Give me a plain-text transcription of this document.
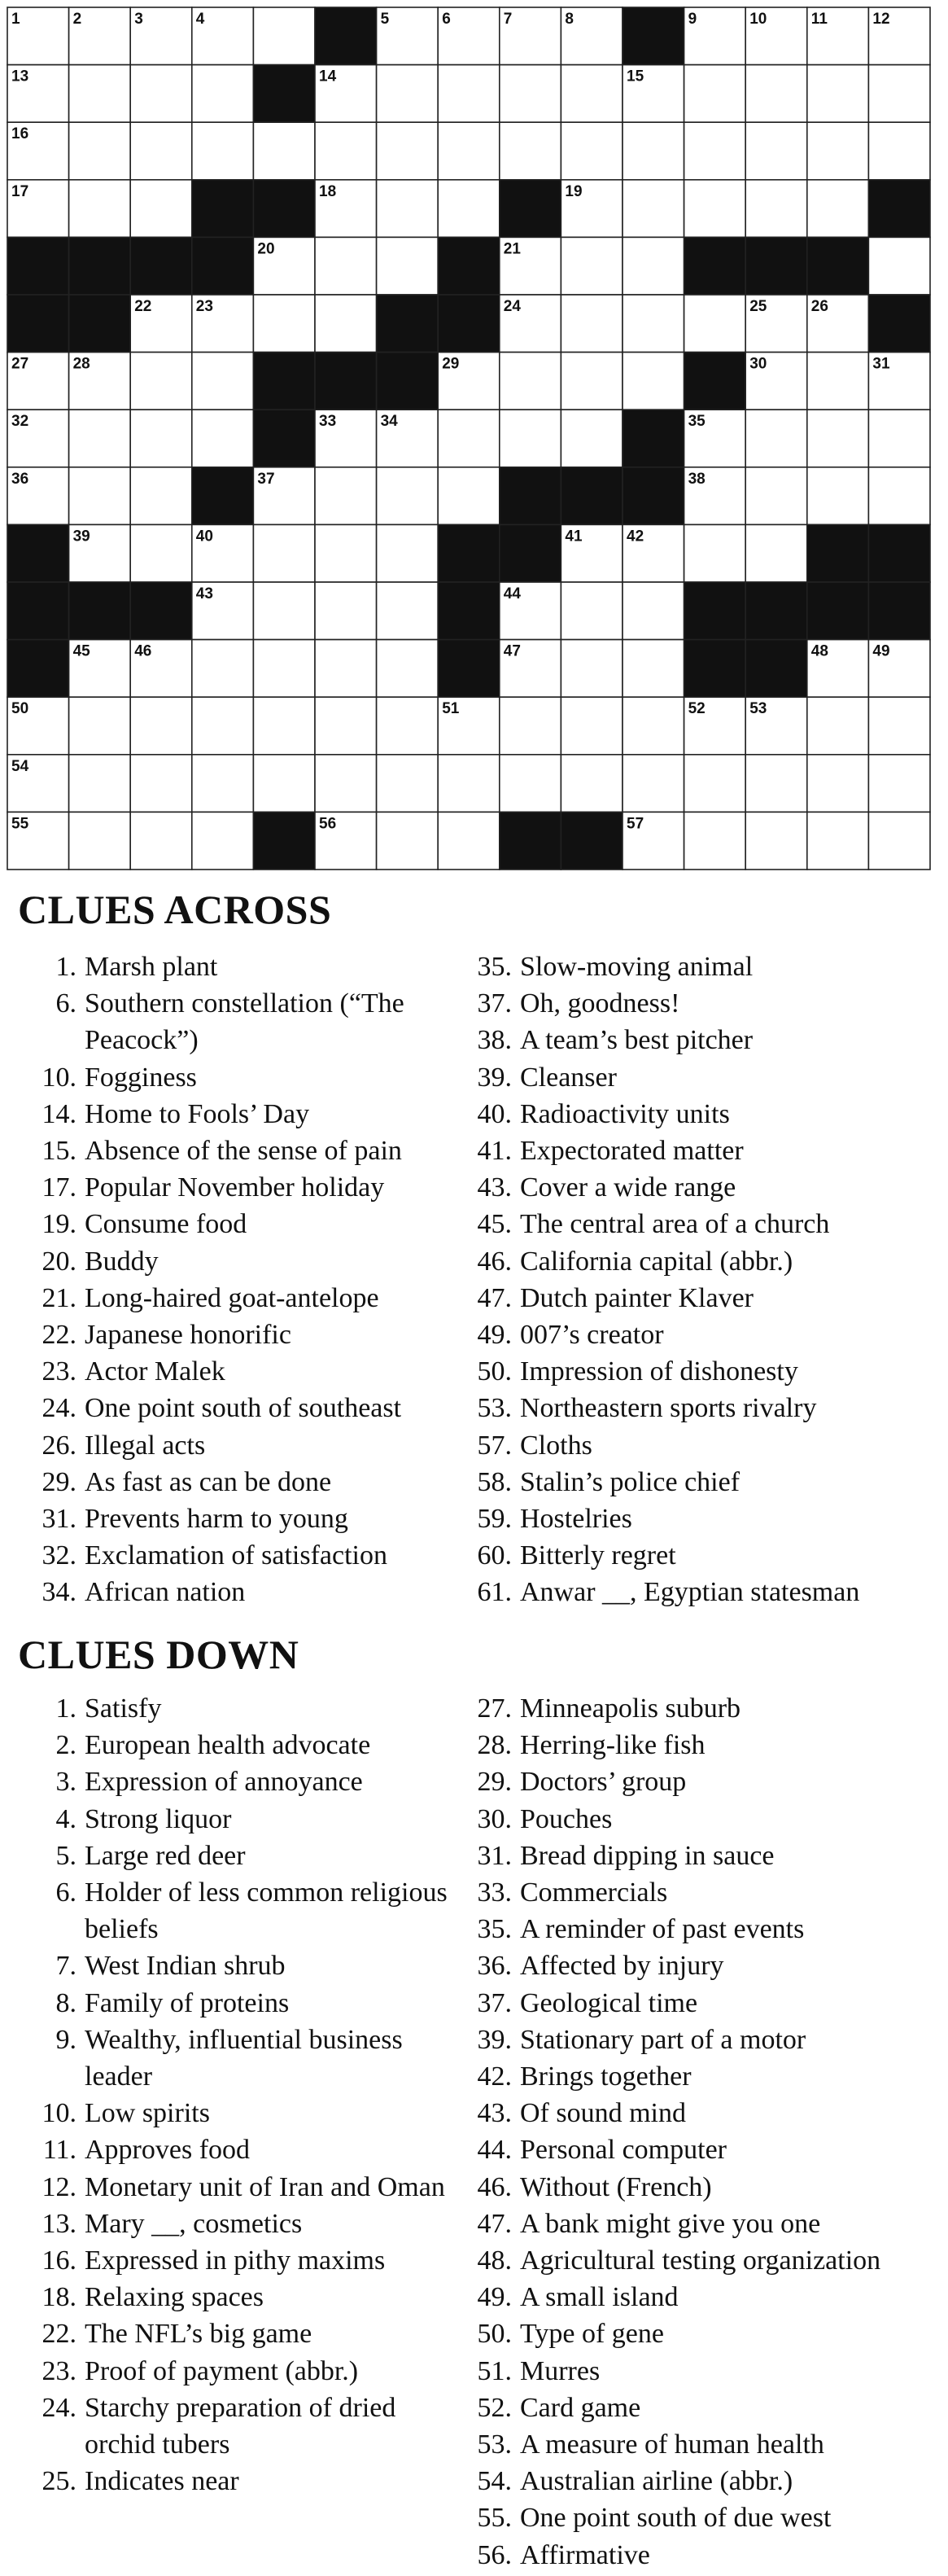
1	2	3	4	5	6	7	8	9	10	11	12
13	14	15
16
17	18	19
20	21
22	23	24	25	26
27	28	29	30	31
32	33	34	35
36	37	38
39	40	41	42
43	44
45	46	47	48	49
50	51	52	53
54
55	56	57
CLUES ACROSS
1. Marsh plant
6. Southern constellation (“The Peacock”)
10. Fogginess
14. Home to Fools’ Day
15. Absence of the sense of pain
17. Popular November holiday
19. Consume food
20. Buddy
21. Long-haired goat-antelope
22. Japanese honorific
23. Actor Malek
24. One point south of southeast
26. Illegal acts
29. As fast as can be done
31. Prevents harm to young
32. Exclamation of satisfaction
34. African nation
35. Slow-moving animal
37. Oh, goodness!
38. A team’s best pitcher
39. Cleanser
40. Radioactivity units
41. Expectorated matter
43. Cover a wide range
45. The central area of a church
46. California capital (abbr.)
47. Dutch painter Klaver
49. 007’s creator
50. Impression of dishonesty
53. Northeastern sports rivalry
57. Cloths
58. Stalin’s police chief
59. Hostelries
60. Bitterly regret
61. Anwar __, Egyptian statesman
CLUES DOWN
1. Satisfy
2. European health advocate
3. Expression of annoyance
4. Strong liquor
5. Large red deer
6. Holder of less common religious beliefs
7. West Indian shrub
8. Family of proteins
9. Wealthy, influential business leader
10. Low spirits
11. Approves food
12. Monetary unit of Iran and Oman
13. Mary __, cosmetics
16. Expressed in pithy maxims
18. Relaxing spaces
22. The NFL’s big game
23. Proof of payment (abbr.)
24. Starchy preparation of dried orchid tubers
25. Indicates near
27. Minneapolis suburb
28. Herring-like fish
29. Doctors’ group
30. Pouches
31. Bread dipping in sauce
33. Commercials
35. A reminder of past events
36. Affected by injury
37. Geological time
39. Stationary part of a motor
42. Brings together
43. Of sound mind
44. Personal computer
46. Without (French)
47. A bank might give you one
48. Agricultural testing organization
49. A small island
50. Type of gene
51. Murres
52. Card game
53. A measure of human health
54. Australian airline (abbr.)
55. One point south of due west
56. Affirmative
